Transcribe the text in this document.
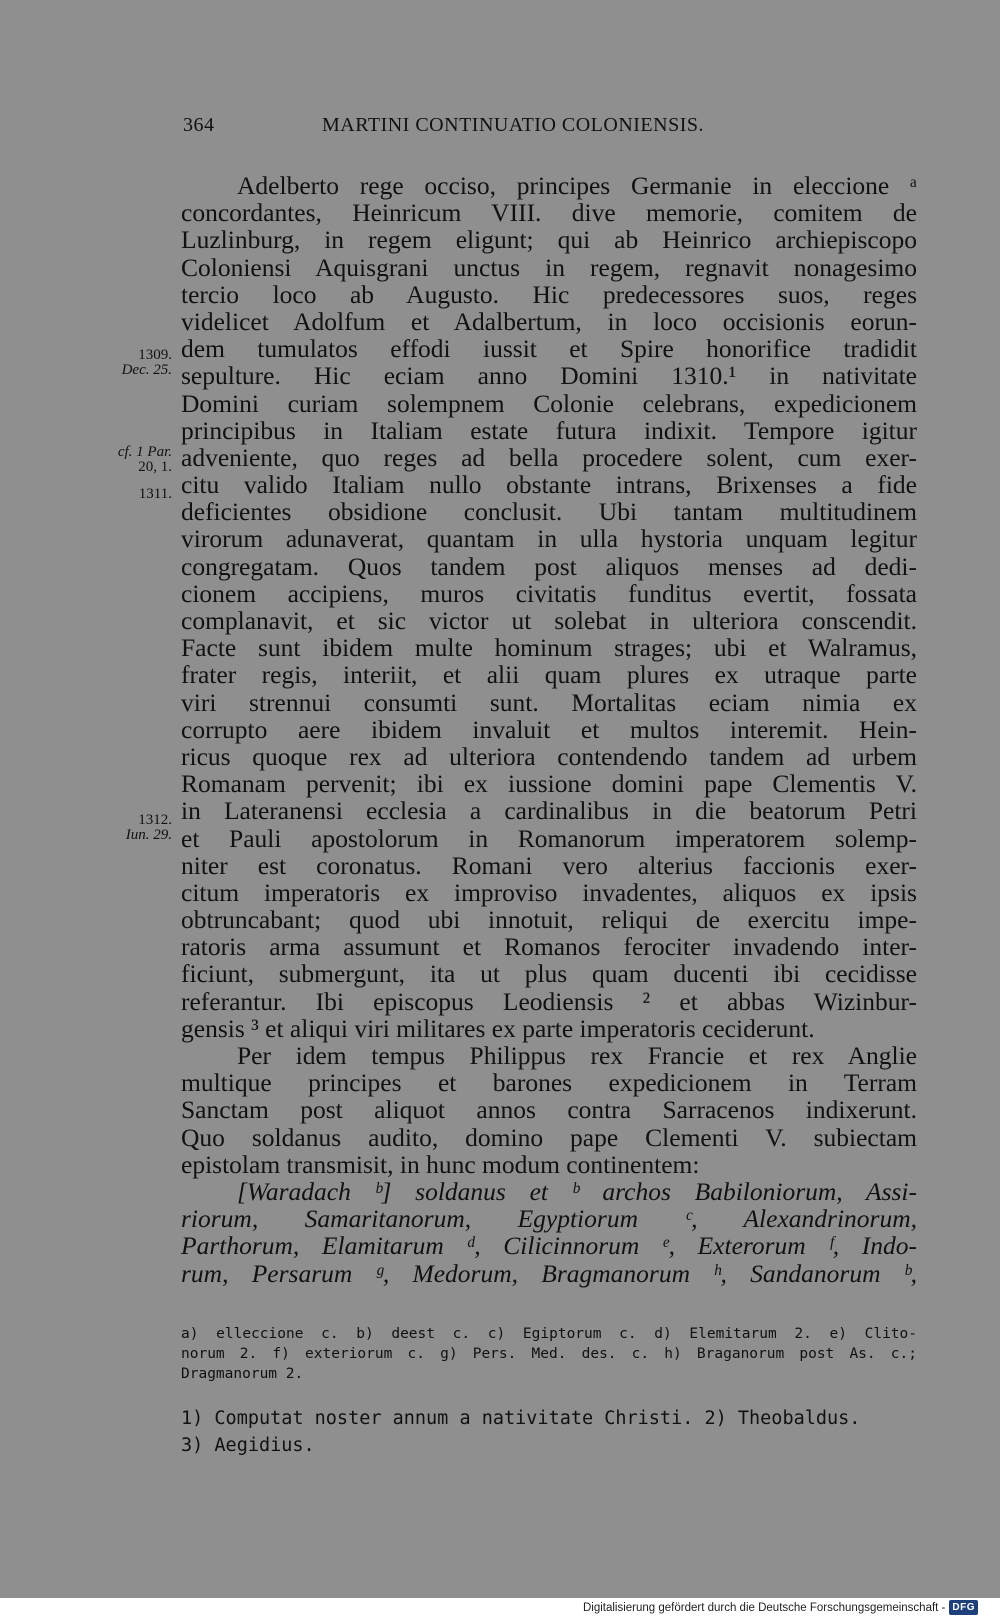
364	MARTINI CONTINUATIO COLONIENSIS.
1309.
Dec. 25.
cf. 1 Par.
20, 1.
1311.
1312.
Iun. 29.
Adelberto rege occiso, principes Germanie in eleccione ᵃ
concordantes, Heinricum VIII. dive memorie, comitem de
Luzlinburg, in regem eligunt; qui ab Heinrico archiepiscopo
Coloniensi Aquisgrani unctus in regem, regnavit nonagesimo
tercio loco ab Augusto. Hic predecessores suos, reges
videlicet Adolfum et Adalbertum, in loco occisionis eorun-
dem tumulatos effodi iussit et Spire honorifice tradidit
sepulture. Hic eciam anno Domini 1310.¹ in nativitate
Domini curiam solempnem Colonie celebrans, expedicionem
principibus in Italiam estate futura indixit. Tempore igitur
adveniente, quo reges ad bella procedere solent, cum exer-
citu valido Italiam nullo obstante intrans, Brixenses a fide
deficientes obsidione conclusit. Ubi tantam multitudinem
virorum adunaverat, quantam in ulla hystoria unquam legitur
congregatam. Quos tandem post aliquos menses ad dedi-
cionem accipiens, muros civitatis funditus evertit, fossata
complanavit, et sic victor ut solebat in ulteriora conscendit.
Facte sunt ibidem multe hominum strages; ubi et Walramus,
frater regis, interiit, et alii quam plures ex utraque parte
viri strennui consumti sunt. Mortalitas eciam nimia ex
corrupto aere ibidem invaluit et multos interemit. Hein-
ricus quoque rex ad ulteriora contendendo tandem ad urbem
Romanam pervenit; ibi ex iussione domini pape Clementis V.
in Lateranensi ecclesia a cardinalibus in die beatorum Petri
et Pauli apostolorum in Romanorum imperatorem solemp-
niter est coronatus. Romani vero alterius faccionis exer-
citum imperatoris ex improviso invadentes, aliquos ex ipsis
obtruncabant; quod ubi innotuit, reliqui de exercitu impe-
ratoris arma assumunt et Romanos ferociter invadendo inter-
ficiunt, submergunt, ita ut plus quam ducenti ibi cecidisse
referantur. Ibi episcopus Leodiensis ² et abbas Wizinbur-
gensis ³ et aliqui viri militares ex parte imperatoris ceciderunt.
Per idem tempus Philippus rex Francie et rex Anglie
multique principes et barones expedicionem in Terram
Sanctam post aliquot annos contra Sarracenos indixerunt.
Quo soldanus audito, domino pape Clementi V. subiectam
epistolam transmisit, in hunc modum continentem:
[Waradach ᵇ] soldanus et ᵇ archos Babiloniorum, Assi-
riorum, Samaritanorum, Egyptiorum ᶜ, Alexandrinorum,
Parthorum, Elamitarum ᵈ, Cilicinnorum ᵉ, Exterorum ᶠ, Indo-
rum, Persarum ᵍ, Medorum, Bragmanorum ʰ, Sandanorum ᵇ,
a) elleccione c. b) deest c. c) Egiptorum c. d) Elemitarum 2. e) Clito-
norum 2. f) exteriorum c. g) Pers. Med. des. c. h) Braganorum post As. c.;
Dragmanorum 2.
1) Computat noster annum a nativitate Christi. 2) Theobaldus.
3) Aegidius.
Digitalisierung gefördert durch die Deutsche Forschungsgemeinschaft - DFG
